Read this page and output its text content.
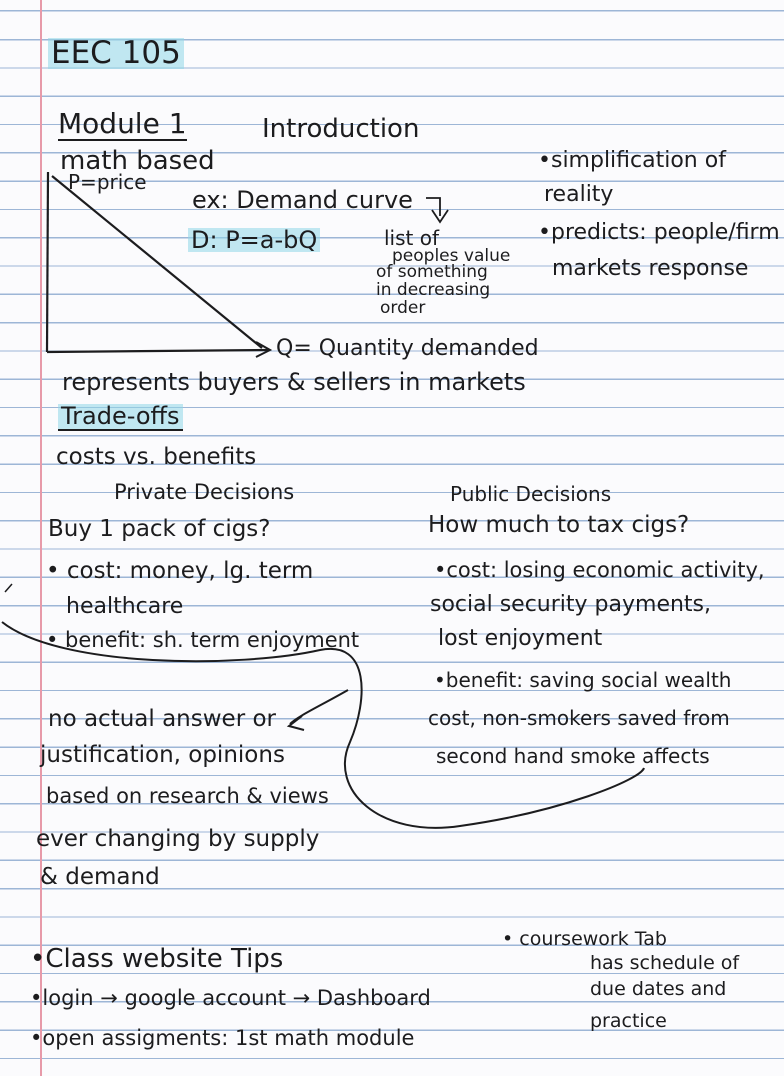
EEC 105
Module 1	Introduction
math based
P=price
ex: Demand curve
D: P=a-bQ	list of
peoples value
of something
in decreasing
order
Q= Quantity demanded
represents buyers & sellers in markets
•simplification of
reality
•predicts: people/firm
markets response
Trade-offs
costs vs. benefits
Private Decisions
Buy 1 pack of cigs?
• cost: money, lg. term
healthcare
• benefit: sh. term enjoyment
Public Decisions
How much to tax cigs?
•cost: losing economic activity,
social security payments,
lost enjoyment
•benefit: saving social wealth
cost, non-smokers saved from
second hand smoke affects
no actual answer or
justification, opinions
based on research & views
ever changing by supply
& demand
•Class website Tips
•login → google account → Dashboard
•open assigments: 1st math module
• coursework Tab
has schedule of
due dates and
practice
